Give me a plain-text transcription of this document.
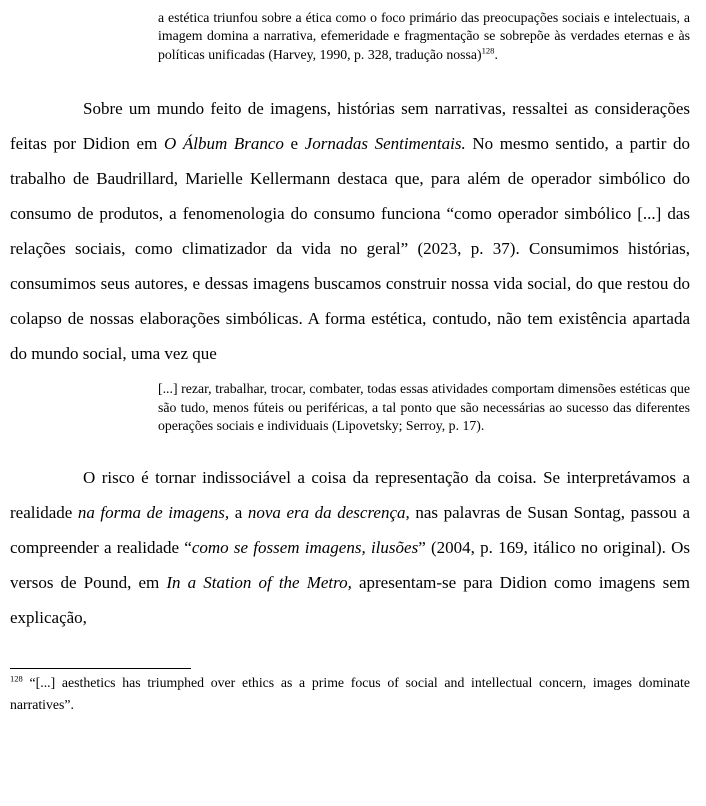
a estética triunfou sobre a ética como o foco primário das preocupações sociais e intelectuais, a imagem domina a narrativa, efemeridade e fragmentação se sobrepõe às verdades eternas e às políticas unificadas (Harvey, 1990, p. 328, tradução nossa)$^{128}$.

Sobre um mundo feito de imagens, histórias sem narrativas, ressaltei as considerações feitas por Didion em O Álbum Branco e Jornadas Sentimentais. No mesmo sentido, a partir do trabalho de Baudrillard, Marielle Kellermann destaca que, para além de operador simbólico do consumo de produtos, a fenomenologia do consumo funciona “como operador simbólico [...] das relações sociais, como climatizador da vida no geral” (2023, p. 37). Consumimos histórias, consumimos seus autores, e dessas imagens buscamos construir nossa vida social, do que restou do colapso de nossas elaborações simbólicas. A forma estética, contudo, não tem existência apartada do mundo social, uma vez que

[...] rezar, trabalhar, trocar, combater, todas essas atividades comportam dimensões estéticas que são tudo, menos fúteis ou periféricas, a tal ponto que são necessárias ao sucesso das diferentes operações sociais e individuais (Lipovetsky; Serroy, p. 17).

O risco é tornar indissociável a coisa da representação da coisa. Se interpretávamos a realidade na forma de imagens, a nova era da descrença, nas palavras de Susan Sontag, passou a compreender a realidade “como se fossem imagens, ilusões” (2004, p. 169, itálico no original). Os versos de Pound, em In a Station of the Metro, apresentam-se para Didion como imagens sem explicação,

$^{128}$ “[...] aesthetics has triumphed over ethics as a prime focus of social and intellectual concern, images dominate narratives”.
